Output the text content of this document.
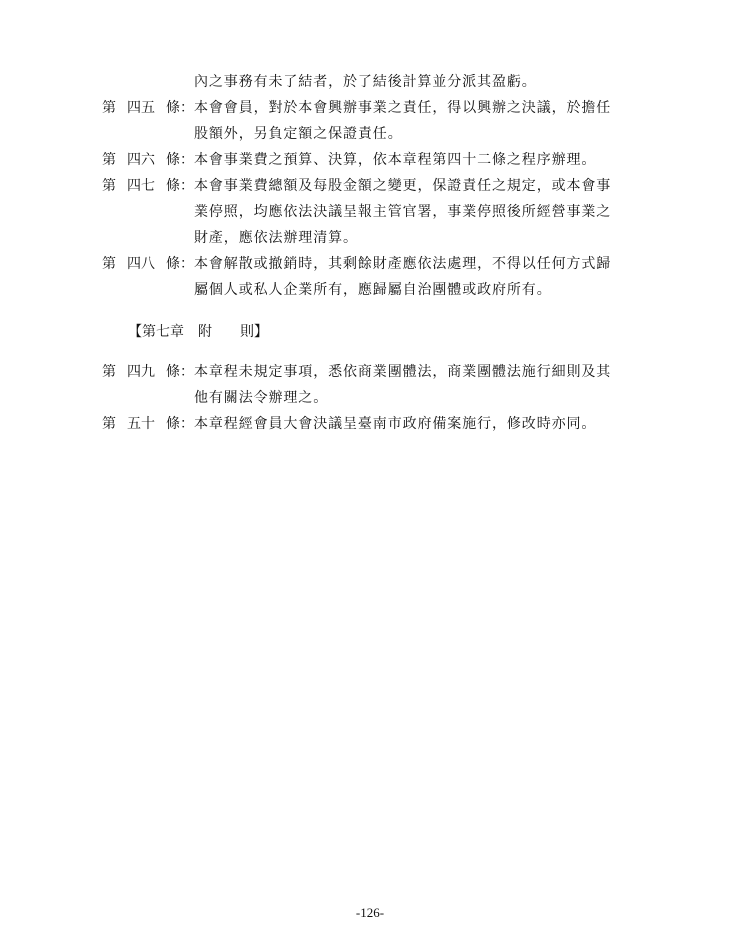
內之事務有未了結者，於了結後計算並分派其盈虧。
第 四五 條： 本會會員，對於本會興辦事業之責任，得以興辦之決議，於擔任
股額外，另負定額之保證責任。
第 四六 條： 本會事業費之預算、決算，依本章程第四十二條之程序辦理。
第 四七 條： 本會事業費總額及每股金額之變更，保證責任之規定，或本會事
業停照，均應依法決議呈報主管官署，事業停照後所經營事業之
財產，應依法辦理清算。
第 四八 條： 本會解散或撤銷時，其剩餘財產應依法處理，不得以任何方式歸
屬個人或私人企業所有，應歸屬自治團體或政府所有。
【第七章　附　　則】
第 四九 條： 本章程未規定事項，悉依商業團體法，商業團體法施行細則及其
他有關法令辦理之。
第 五十 條： 本章程經會員大會決議呈臺南市政府備案施行，修改時亦同。
-126-
